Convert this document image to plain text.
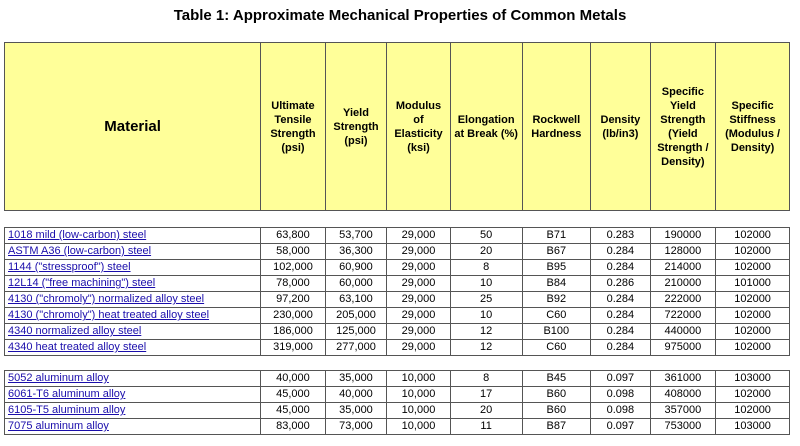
Table 1: Approximate Mechanical Properties of Common Metals
Material	Ultimate Tensile Strength (psi)	Yield Strength (psi)	Modulus of Elasticity (ksi)	Elongation at Break (%)	Rockwell Hardness	Density (lb/in3)	Specific Yield Strength (Yield Strength / Density)	Specific Stiffness (Modulus / Density)
1018 mild (low-carbon) steel	63,800	53,700	29,000	50	B71	0.283	190000	102000
ASTM A36 (low-carbon) steel	58,000	36,300	29,000	20	B67	0.284	128000	102000
1144 ("stressproof") steel	102,000	60,900	29,000	8	B95	0.284	214000	102000
12L14 ("free machining") steel	78,000	60,000	29,000	10	B84	0.286	210000	101000
4130 ("chromoly") normalized alloy steel	97,200	63,100	29,000	25	B92	0.284	222000	102000
4130 ("chromoly") heat treated alloy steel	230,000	205,000	29,000	10	C60	0.284	722000	102000
4340 normalized alloy steel	186,000	125,000	29,000	12	B100	0.284	440000	102000
4340 heat treated alloy steel	319,000	277,000	29,000	12	C60	0.284	975000	102000
5052 aluminum alloy	40,000	35,000	10,000	8	B45	0.097	361000	103000
6061-T6 aluminum alloy	45,000	40,000	10,000	17	B60	0.098	408000	102000
6105-T5 aluminum alloy	45,000	35,000	10,000	20	B60	0.098	357000	102000
7075 aluminum alloy	83,000	73,000	10,000	11	B87	0.097	753000	103000
